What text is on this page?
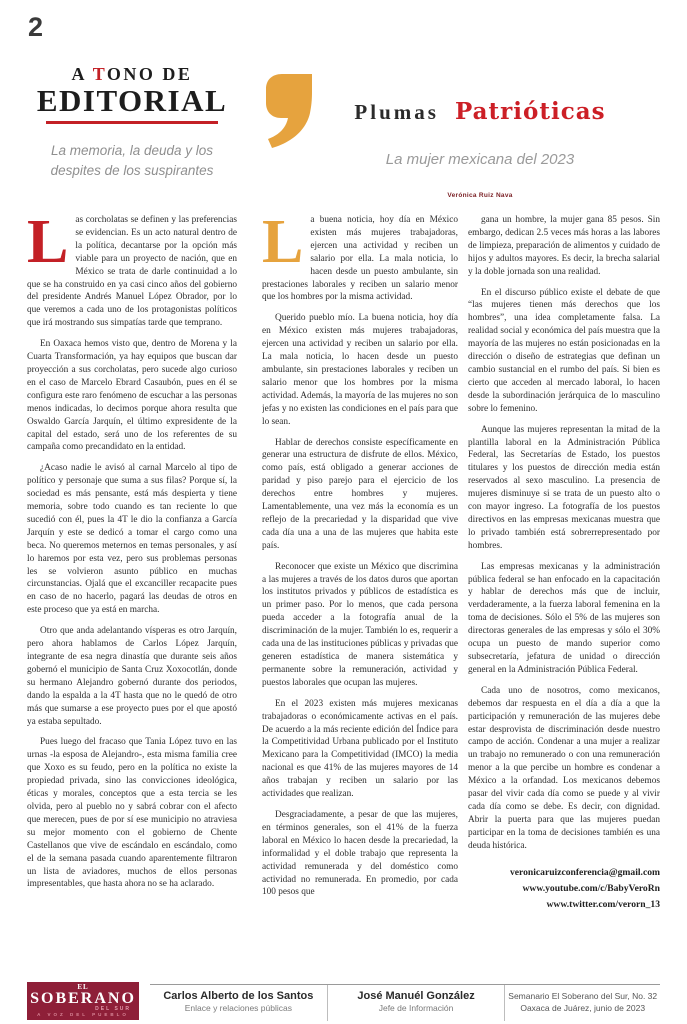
2
A TONO DE
EDITORIAL
La memoria, la deuda y los despites de los suspirantes
Plumas Patrióticas
La mujer mexicana del 2023
Verónica Ruiz Nava

Las corcholatas se definen y las preferencias se evidencian. Es un acto natural dentro de la política, decantarse por la opción más viable para un proyecto de nación, que en México se trata de darle continuidad a lo que se ha construido en ya casi cinco años del gobierno del presidente Andrés Manuel López Obrador, por lo que veremos a cada uno de los protagonistas políticos que irá mostrando sus simpatías tarde que temprano.

En Oaxaca hemos visto que, dentro de Morena y la Cuarta Transformación, ya hay equipos que buscan dar proyección a sus corcholatas, pero sucede algo curioso en el caso de Marcelo Ebrard Casaubón, pues en él se configura este raro fenómeno de escuchar a las personas menos indicadas, lo decimos porque ahora resulta que Oswaldo García Jarquín, el último expresidente de la capital del estado, será uno de los referentes de su campaña como precandidato en la entidad.

¿Acaso nadie le avisó al carnal Marcelo al tipo de político y personaje que suma a sus filas? Porque sí, la sociedad es más pensante, está más despierta y tiene memoria, sobre todo cuando es tan reciente lo que sucedió con él, pues la 4T le dio la confianza a García Jarquín y este se dedicó a tomar el cargo como una beca. No queremos meternos en temas personales, y así lo haremos por esta vez, pero sus problemas personas les se volvieron asunto público en muchas circunstancias. Ojalá que el excanciller recapacite pues en caso de no hacerlo, pagará las deudas de otros en este proceso que ya está en marcha.

Otro que anda adelantando vísperas es otro Jarquín, pero ahora hablamos de Carlos López Jarquín, integrante de esa negra dinastía que durante seis años gobernó el municipio de Santa Cruz Xoxocotlán, donde su hermano Alejandro gobernó durante dos periodos, dando la espalda a la 4T hasta que no le quedó de otro más que sumarse a ese proyecto pues por el que apostó ya estaba sepultado.

Pues luego del fracaso que Tania López tuvo en las urnas -la esposa de Alejandro-, esta misma familia cree que Xoxo es su feudo, pero en la política no existe la propiedad privada, sino las convicciones ideológica, éticas y morales, conceptos que a esta tercia se les olvida, pero al pueblo no y sabrá cobrar con el afecto que merecen, pues de por sí ese municipio no atraviesa su mejor momento con el gobierno de Chente Castellanos que vive de escándalo en escándalo, como el de la semana pasada cuando aparentemente filtraron un lista de aviadores, muchos de ellos personas impresentables, que hasta ahora no se ha aclarado.

La buena noticia, hoy día en México existen más mujeres trabajadoras, ejercen una actividad y reciben un salario por ella. La mala noticia, lo hacen desde un puesto ambulante, sin prestaciones laborales y reciben un salario menor que los hombres por la misma actividad.

Querido pueblo mío. La buena noticia, hoy día en México existen más mujeres trabajadoras, ejercen una actividad y reciben un salario por ella. La mala noticia, lo hacen desde un puesto ambulante, sin prestaciones laborales y reciben un salario menor que los hombres por la misma actividad. Además, la mayoría de las mujeres no son jefas y no existen las condiciones en el país para que lo sean.

Hablar de derechos consiste específicamente en generar una estructura de disfrute de ellos. México, como país, está obligado a generar acciones de paridad y piso parejo para el ejercicio de los derechos entre hombres y mujeres. Lamentablemente, una vez más la economía es un reflejo de la precariedad y la disparidad que vive cada día una a una de las mujeres que habita este país.

Reconocer que existe un México que discrimina a las mujeres a través de los datos duros que aportan los institutos privados y públicos de estadística es un primer paso. Por lo menos, que cada persona pueda acceder a la fotografía anual de la discriminación de la mujer. También lo es, requerir a cada una de las instituciones públicas y privadas que generen estadística de manera sistemática y permanente sobre la remuneración, actividad y puestos laborales que ocupan las mujeres.

En el 2023 existen más mujeres mexicanas trabajadoras o económicamente activas en el país. De acuerdo a la más reciente edición del Índice para la Competitividad Urbana publicado por el Instituto Mexicano para la Competitividad (IMCO) la media nacional es que 41% de las mujeres mayores de 14 años trabajan y reciben un salario por las actividades que realizan.

Desgraciadamente, a pesar de que las mujeres, en términos generales, son el 41% de la fuerza laboral en México lo hacen desde la precariedad, la informalidad y el doble trabajo que representa la actividad remunerada y del doméstico como actividad no remunerada. En promedio, por cada 100 pesos que

gana un hombre, la mujer gana 85 pesos. Sin embargo, dedican 2.5 veces más horas a las labores de limpieza, preparación de alimentos y cuidado de hijos y adultos mayores. Es decir, la brecha salarial y la doble jornada son una realidad.

En el discurso público existe el debate de que “las mujeres tienen más derechos que los hombres”, una idea completamente falsa. La realidad social y económica del país muestra que la mayoría de las mujeres no están posicionadas en la dirección o diseño de estrategias que definan un cambio sustancial en el rumbo del país. Si bien es cierto que acceden al mercado laboral, lo hacen desde la subordinación jerárquica de lo masculino sobre lo femenino.

Aunque las mujeres representan la mitad de la plantilla laboral en la Administración Pública Federal, las Secretarías de Estado, los puestos titulares y los puestos de dirección media están reservados al sexo masculino. La presencia de mujeres disminuye si se trata de un puesto alto o con mayor ingreso. La fotografía de los puestos directivos en las empresas mexicanas muestra que lo privado también está sobrerrepresentado por hombres.

Las empresas mexicanas y la administración pública federal se han enfocado en la capacitación y hablar de derechos más que de incluir, verdaderamente, a la fuerza laboral femenina en la toma de decisiones. Sólo el 5% de las mujeres son directoras generales de las empresas y sólo el 30% ocupa un puesto de mando superior como subsecretaría, jefatura de unidad o dirección general en la Administración Pública Federal.

Cada uno de nosotros, como mexicanos, debemos dar respuesta en el día a día a que la participación y remuneración de las mujeres debe estar desprovista de discriminación desde nuestro campo de acción. Condenar a una mujer a realizar un trabajo no remunerado o con una remuneración menor a la que percibe un hombre es condenar a México a la orfandad. Los mexicanos debemos pasar del vivir cada día como se puede y al vivir cada día como se debe. Es decir, con dignidad. Abrir la puerta para que las mujeres puedan participar en la toma de decisiones también es una deuda histórica.

veronicaruizconferencia@gmail.com
www.youtube.com/c/BabyVeroRn
www.twitter.com/verorn_13
EL
SOBERANO
DEL SUR
A VOZ DEL PUEBLO
Carlos Alberto de los Santos
Enlace y relaciones públicas
José Manuél González
Jefe de Información
Semanario El Soberano del Sur, No. 32
Oaxaca de Juárez, junio de 2023
